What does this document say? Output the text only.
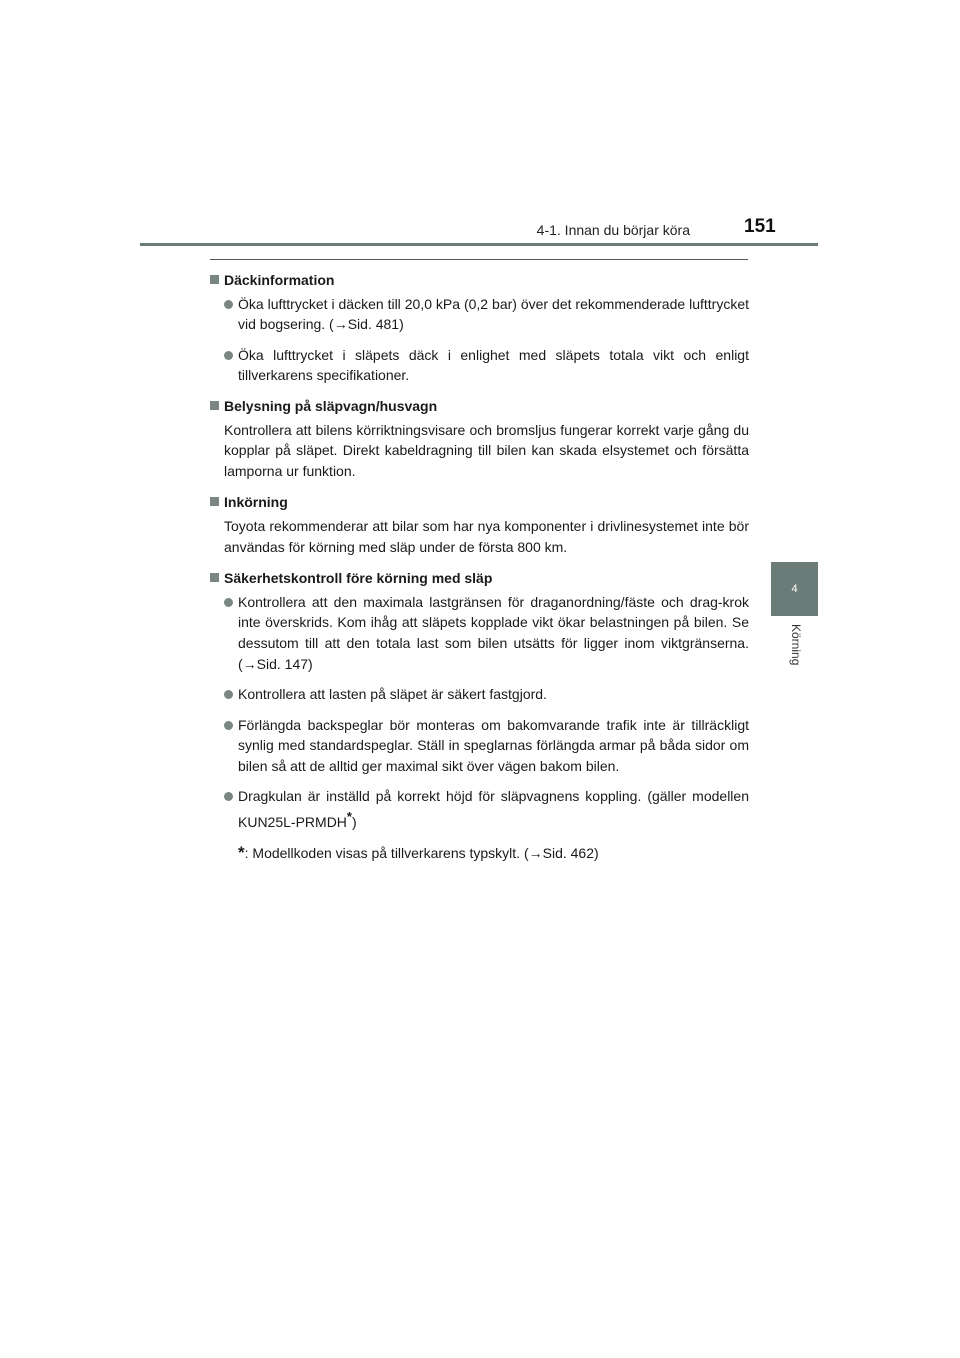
4-1. Innan du börjar köra	151
4
Körning
Däckinformation
Öka lufttrycket i däcken till 20,0 kPa (0,2 bar) över det rekommenderade lufttrycket vid bogsering. (→Sid. 481)
Öka lufttrycket i släpets däck i enlighet med släpets totala vikt och enligt tillverkarens specifikationer.
Belysning på släpvagn/husvagn
Kontrollera att bilens körriktningsvisare och bromsljus fungerar korrekt varje gång du kopplar på släpet. Direkt kabeldragning till bilen kan skada elsystemet och försätta lamporna ur funktion.
Inkörning
Toyota rekommenderar att bilar som har nya komponenter i drivlinesystemet inte bör användas för körning med släp under de första 800 km.
Säkerhetskontroll före körning med släp
Kontrollera att den maximala lastgränsen för draganordning/fäste och drag-krok inte överskrids. Kom ihåg att släpets kopplade vikt ökar belastningen på bilen. Se dessutom till att den totala last som bilen utsätts för ligger inom viktgränserna. (→Sid. 147)
Kontrollera att lasten på släpet är säkert fastgjord.
Förlängda backspeglar bör monteras om bakomvarande trafik inte är tillräckligt synlig med standardspeglar. Ställ in speglarnas förlängda armar på båda sidor om bilen så att de alltid ger maximal sikt över vägen bakom bilen.
Dragkulan är inställd på korrekt höjd för släpvagnens koppling. (gäller modellen KUN25L-PRMDH*)
*: Modellkoden visas på tillverkarens typskylt. (→Sid. 462)
